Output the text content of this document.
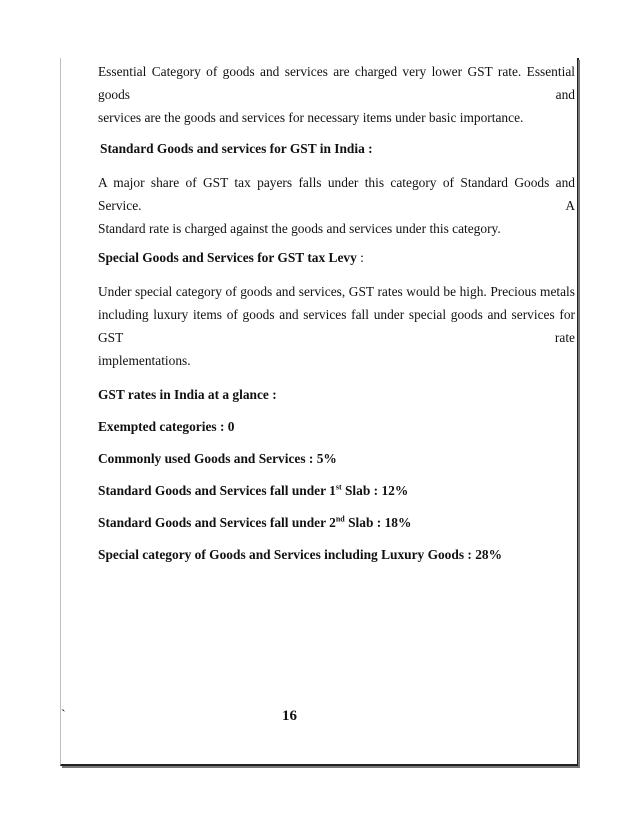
Essential Category of goods and services are charged very lower GST rate. Essential goods and

services are the goods and services for necessary items under basic importance.

Standard Goods and services for GST in India :

A major share of GST tax payers falls under this category of Standard Goods and Service. A

Standard rate is charged against the goods and services under this category.

Special Goods and Services for GST tax Levy :

Under special category of goods and services, GST rates would be high. Precious metals

including luxury items of goods and services fall under special goods and services for GST rate

implementations.

GST rates in India at a glance :

Exempted categories : 0

Commonly used Goods and Services : 5%

Standard Goods and Services fall under 1st Slab : 12%

Standard Goods and Services fall under 2nd Slab : 18%

Special category of Goods and Services including Luxury Goods : 28%

`	16
